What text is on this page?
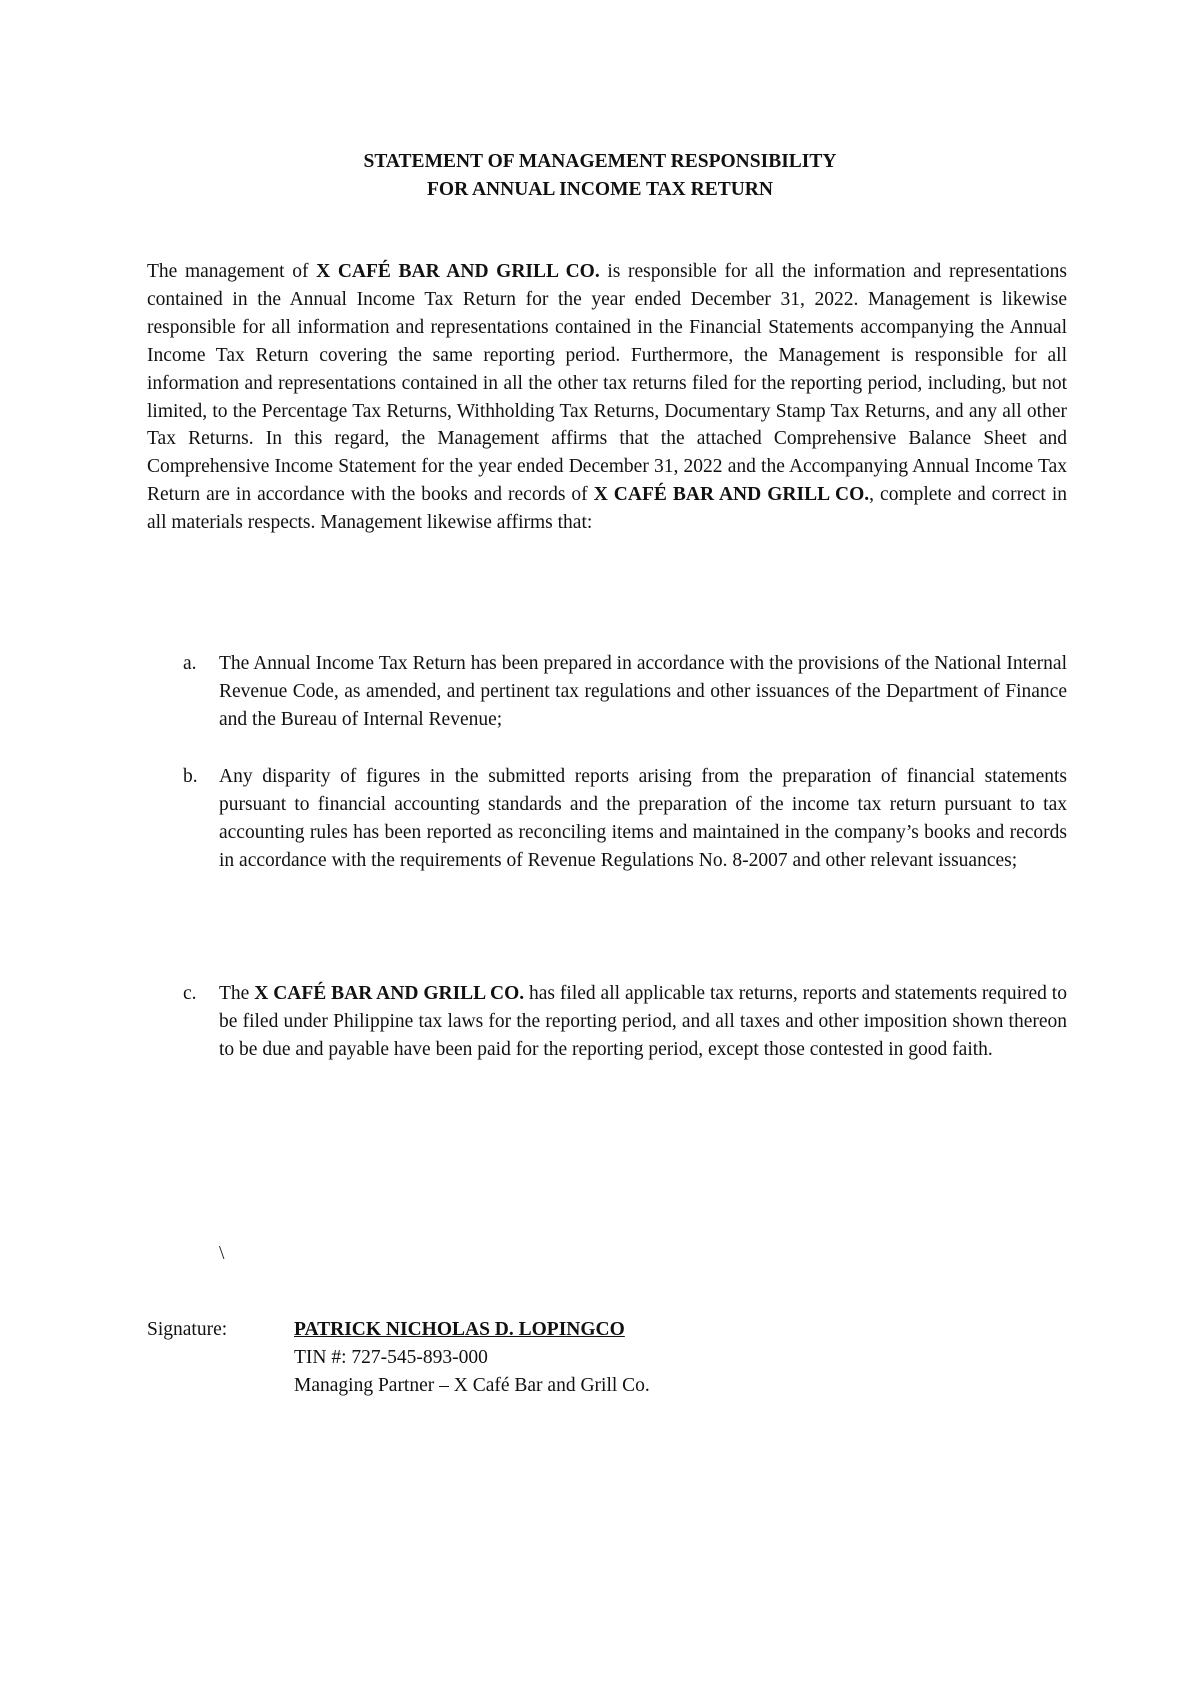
STATEMENT OF MANAGEMENT RESPONSIBILITY
FOR ANNUAL INCOME TAX RETURN
The management of X CAFÉ BAR AND GRILL CO. is responsible for all the information and representations contained in the Annual Income Tax Return for the year ended December 31, 2022. Management is likewise responsible for all information and representations contained in the Financial Statements accompanying the Annual Income Tax Return covering the same reporting period. Furthermore, the Management is responsible for all information and representations contained in all the other tax returns filed for the reporting period, including, but not limited, to the Percentage Tax Returns, Withholding Tax Returns, Documentary Stamp Tax Returns, and any all other Tax Returns. In this regard, the Management affirms that the attached Comprehensive Balance Sheet and Comprehensive Income Statement for the year ended December 31, 2022 and the Accompanying Annual Income Tax Return are in accordance with the books and records of X CAFÉ BAR AND GRILL CO., complete and correct in all materials respects. Management likewise affirms that:
a.	The Annual Income Tax Return has been prepared in accordance with the provisions of the National Internal Revenue Code, as amended, and pertinent tax regulations and other issuances of the Department of Finance and the Bureau of Internal Revenue;
b.	Any disparity of figures in the submitted reports arising from the preparation of financial statements pursuant to financial accounting standards and the preparation of the income tax return pursuant to tax accounting rules has been reported as reconciling items and maintained in the company’s books and records in accordance with the requirements of Revenue Regulations No. 8-2007 and other relevant issuances;
c.	The X CAFÉ BAR AND GRILL CO. has filed all applicable tax returns, reports and statements required to be filed under Philippine tax laws for the reporting period, and all taxes and other imposition shown thereon to be due and payable have been paid for the reporting period, except those contested in good faith.
\
Signature:	PATRICK NICHOLAS D. LOPINGCO
TIN #: 727-545-893-000
Managing Partner – X Café Bar and Grill Co.
